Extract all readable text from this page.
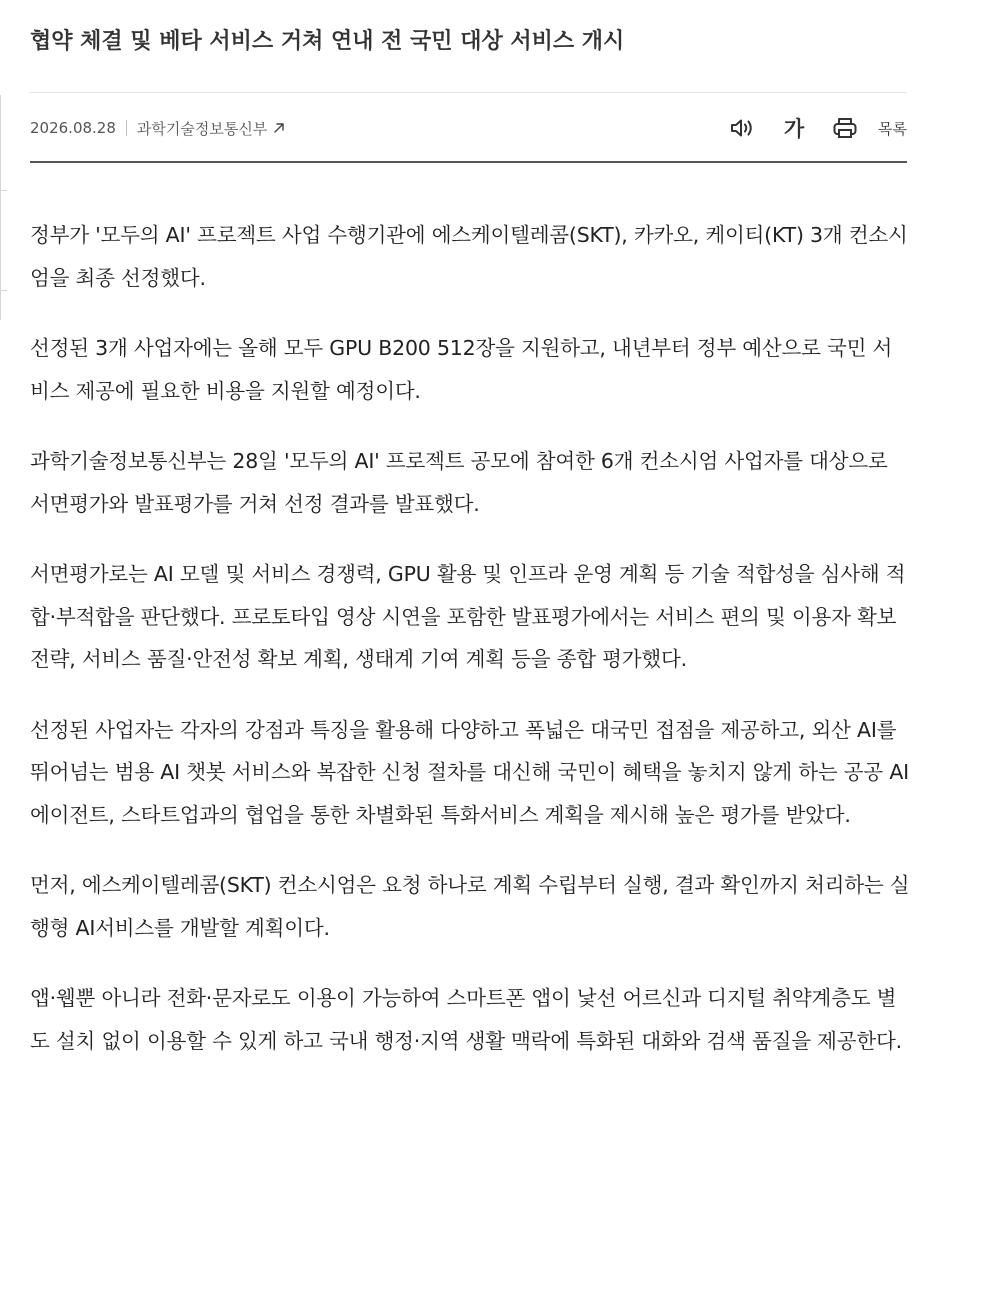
협약 체결 및 베타 서비스 거쳐 연내 전 국민 대상 서비스 개시
2026.08.28 과학기술정보통신부	가	목록

정부가 '모두의 AI' 프로젝트 사업 수행기관에 에스케이텔레콤(SKT), 카카오, 케이티(KT) 3개 컨소시엄을 최종 선정했다.

선정된 3개 사업자에는 올해 모두 GPU B200 512장을 지원하고, 내년부터 정부 예산으로 국민 서비스 제공에 필요한 비용을 지원할 예정이다.

과학기술정보통신부는 28일 '모두의 AI' 프로젝트 공모에 참여한 6개 컨소시엄 사업자를 대상으로 서면평가와 발표평가를 거쳐 선정 결과를 발표했다.

서면평가로는 AI 모델 및 서비스 경쟁력, GPU 활용 및 인프라 운영 계획 등 기술 적합성을 심사해 적합·부적합을 판단했다. 프로토타입 영상 시연을 포함한 발표평가에서는 서비스 편의 및 이용자 확보 전략, 서비스 품질·안전성 확보 계획, 생태계 기여 계획 등을 종합 평가했다.

선정된 사업자는 각자의 강점과 특징을 활용해 다양하고 폭넓은 대국민 접점을 제공하고, 외산 AI를 뛰어넘는 범용 AI 챗봇 서비스와 복잡한 신청 절차를 대신해 국민이 혜택을 놓치지 않게 하는 공공 AI 에이전트, 스타트업과의 협업을 통한 차별화된 특화서비스 계획을 제시해 높은 평가를 받았다.

먼저, 에스케이텔레콤(SKT) 컨소시엄은 요청 하나로 계획 수립부터 실행, 결과 확인까지 처리하는 실행형 AI서비스를 개발할 계획이다.

앱·웹뿐 아니라 전화·문자로도 이용이 가능하여 스마트폰 앱이 낯선 어르신과 디지털 취약계층도 별도 설치 없이 이용할 수 있게 하고 국내 행정·지역 생활 맥락에 특화된 대화와 검색 품질을 제공한다.
